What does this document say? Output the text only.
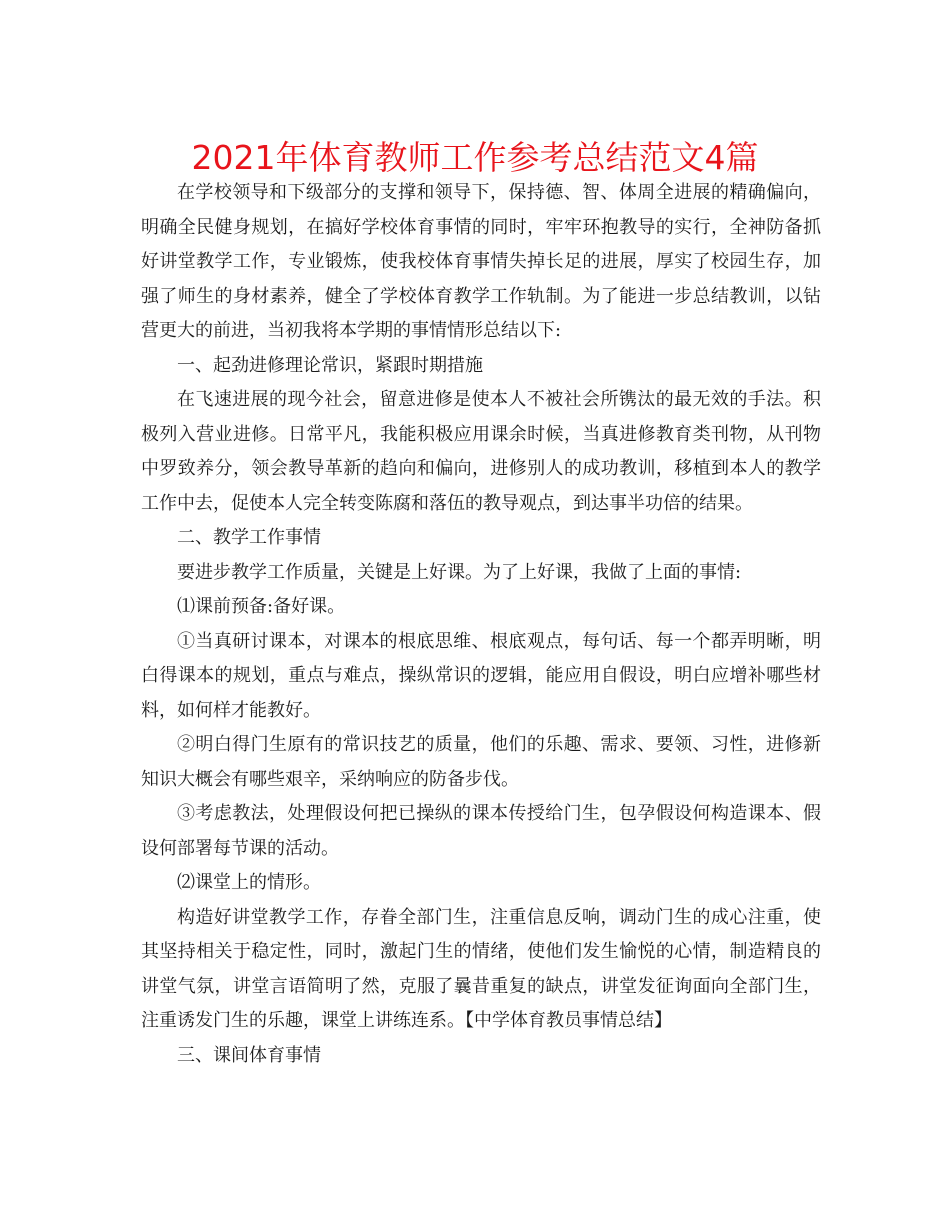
2021年体育教师工作参考总结范文4篇

在学校领导和下级部分的支撑和领导下，保持德、智、体周全进展的精确偏向，明确全民健身规划，在搞好学校体育事情的同时，牢牢环抱教导的实行，全神防备抓好讲堂教学工作，专业锻炼，使我校体育事情失掉长足的进展，厚实了校园生存，加强了师生的身材素养，健全了学校体育教学工作轨制。为了能进一步总结教训，以钻营更大的前进，当初我将本学期的事情情形总结以下:

一、起劲进修理论常识，紧跟时期措施

在飞速进展的现今社会，留意进修是使本人不被社会所镌汰的最无效的手法。积极列入营业进修。日常平凡，我能积极应用课余时候，当真进修教育类刊物，从刊物中罗致养分，领会教导革新的趋向和偏向，进修别人的成功教训，移植到本人的教学工作中去，促使本人完全转变陈腐和落伍的教导观点，到达事半功倍的结果。

二、教学工作事情

要进步教学工作质量，关键是上好课。为了上好课，我做了上面的事情:

⑴课前预备:备好课。

①当真研讨课本，对课本的根底思维、根底观点，每句话、每一个都弄明晰，明白得课本的规划，重点与难点，操纵常识的逻辑，能应用自假设，明白应增补哪些材料，如何样才能教好。

②明白得门生原有的常识技艺的质量，他们的乐趣、需求、要领、习性，进修新知识大概会有哪些艰辛，采纳响应的防备步伐。

③考虑教法，处理假设何把已操纵的课本传授给门生，包孕假设何构造课本、假设何部署每节课的活动。

⑵课堂上的情形。

构造好讲堂教学工作，存眷全部门生，注重信息反响，调动门生的成心注重，使其坚持相关于稳定性，同时，激起门生的情绪，使他们发生愉悦的心情，制造精良的讲堂气氛，讲堂言语简明了然，克服了曩昔重复的缺点，讲堂发征询面向全部门生，注重诱发门生的乐趣，课堂上讲练连系。【中学体育教员事情总结】

三、课间体育事情
